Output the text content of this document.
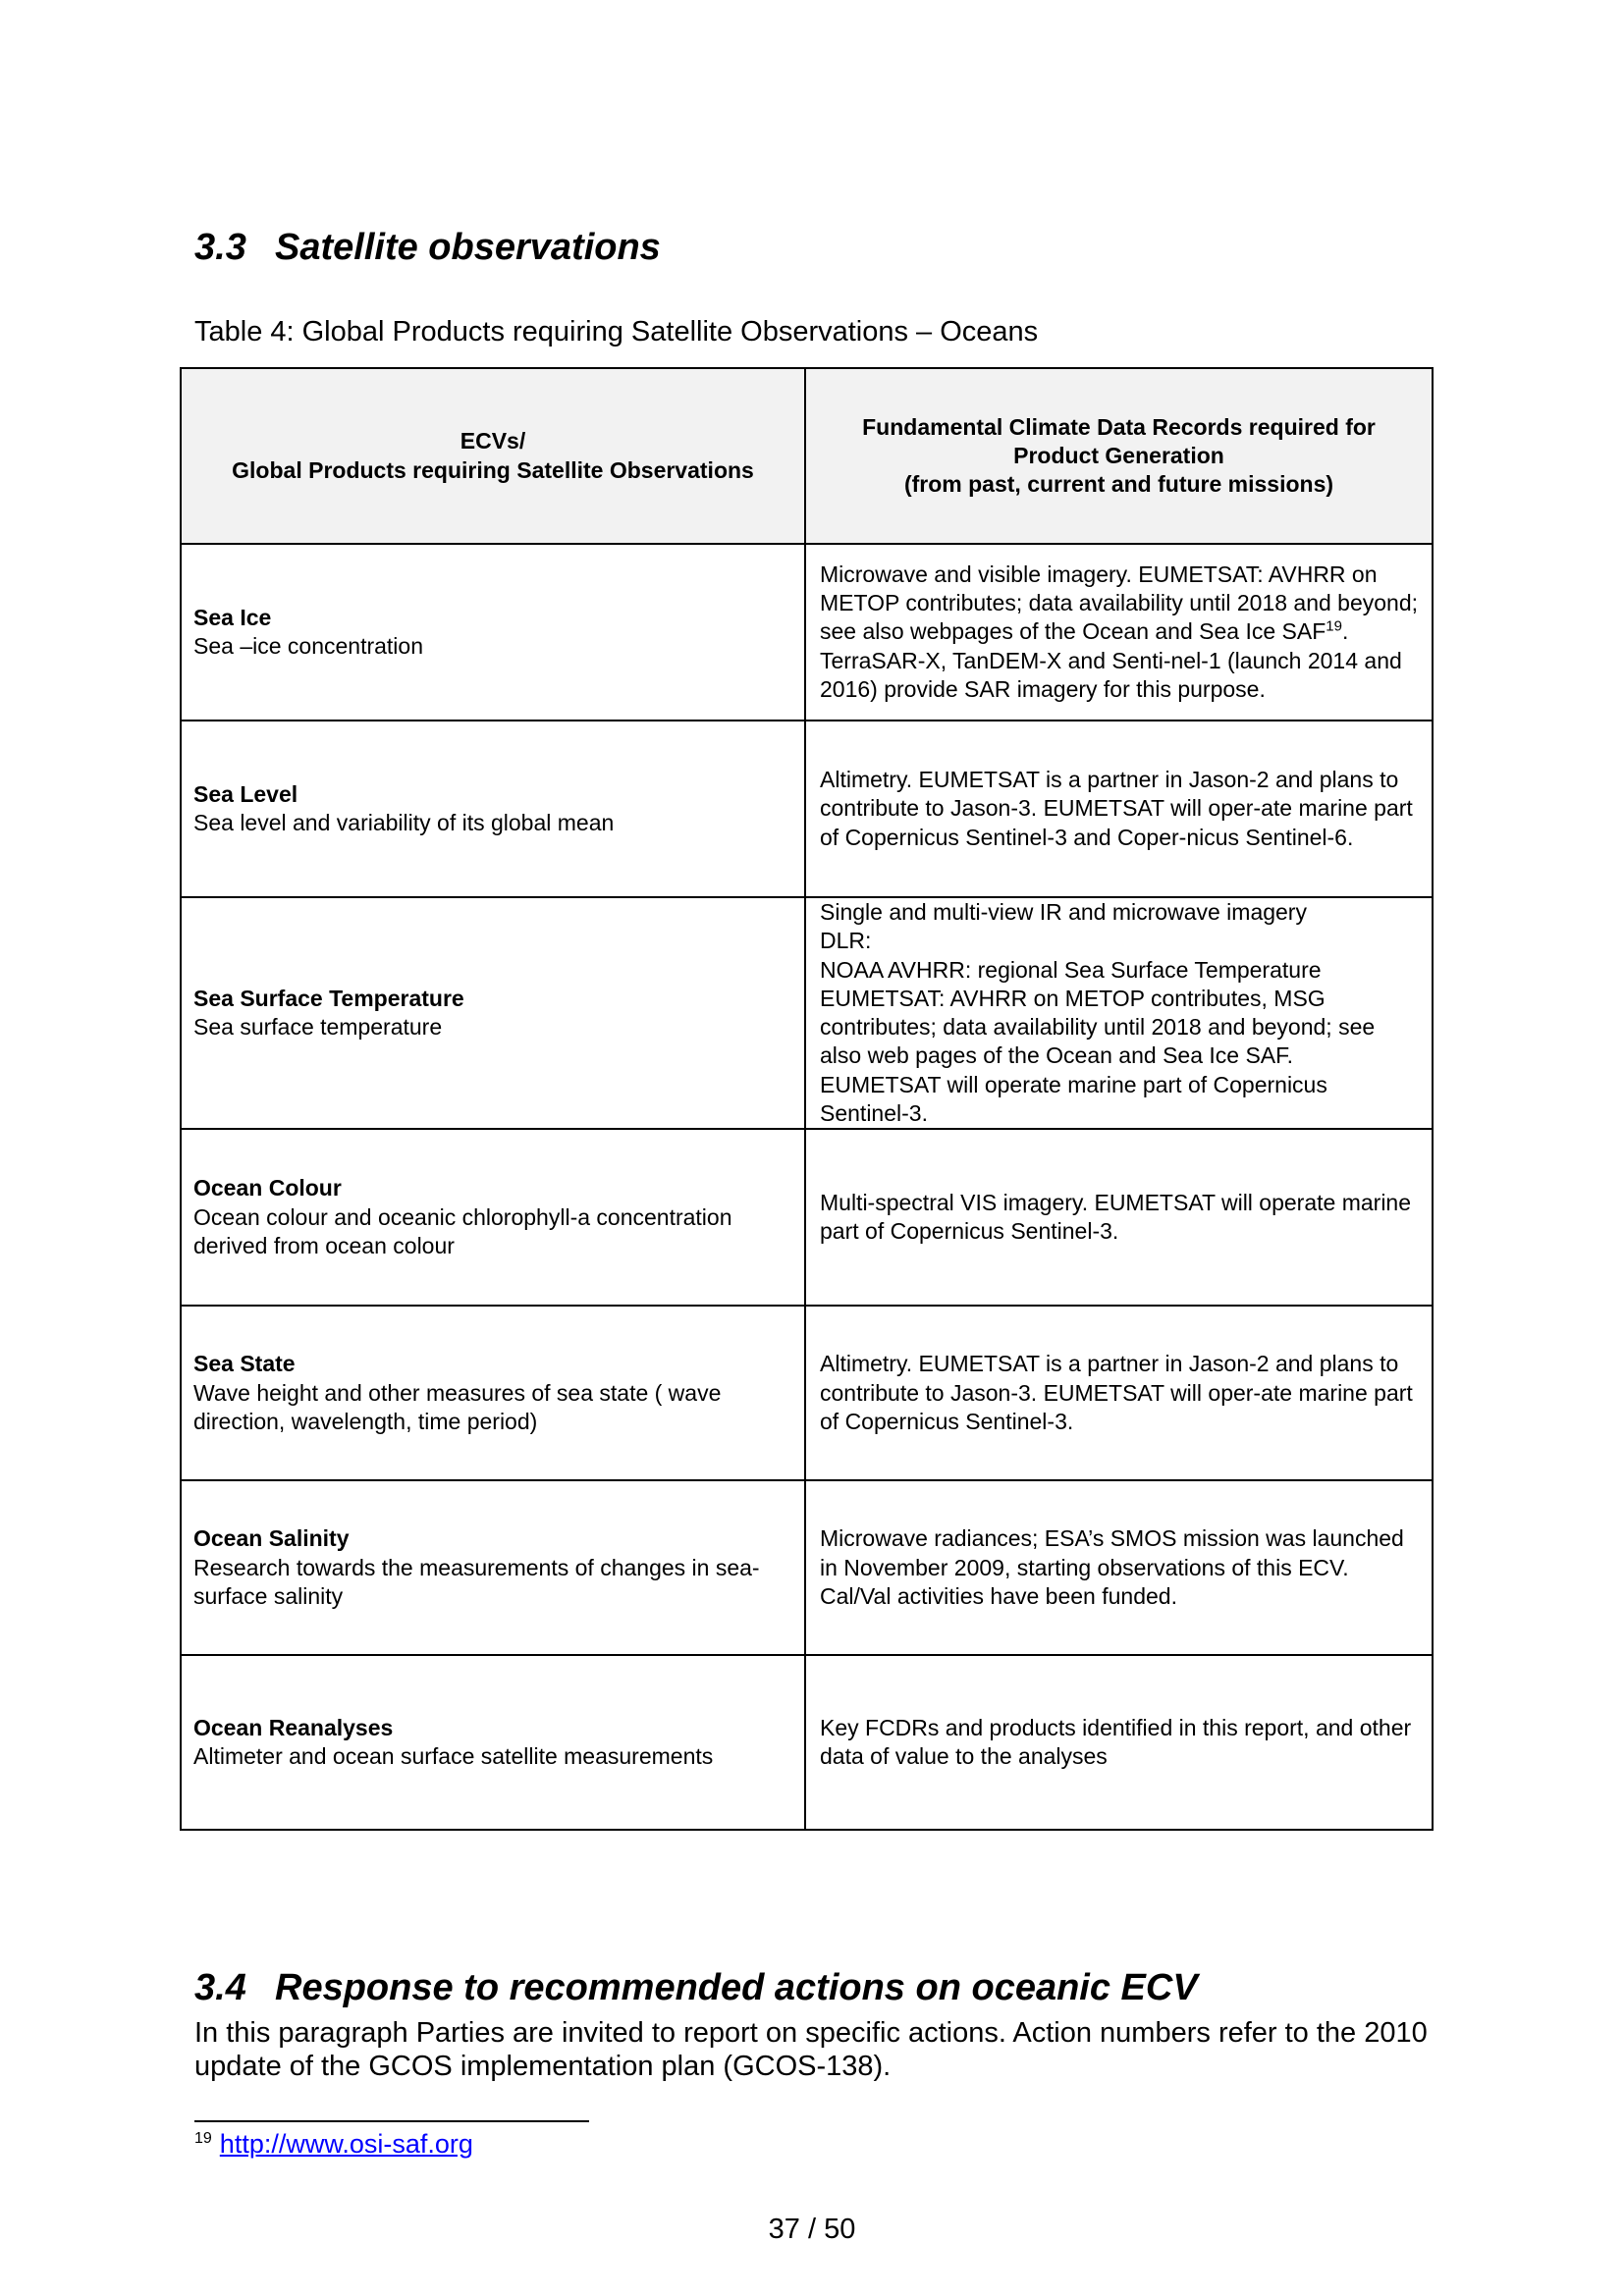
3.3 Satellite observations
Table 4: Global Products requiring Satellite Observations – Oceans
ECVs/
Global Products requiring Satellite Observations	Fundamental Climate Data Records required for
Product Generation
(from past, current and future missions)

Sea Ice
Sea –ice concentration	Microwave and visible imagery. EUMETSAT: AVHRR on METOP contributes; data availability until 2018 and beyond; see also webpages of the Ocean and Sea Ice SAF$^{19}$. TerraSAR-X, TanDEM-X and Senti-nel-1 (launch 2014 and 2016) provide SAR imagery for this purpose.

Sea Level
Sea level and variability of its global mean	Altimetry. EUMETSAT is a partner in Jason-2 and plans to contribute to Jason-3. EUMETSAT will oper-ate marine part of Copernicus Sentinel-3 and Coper-nicus Sentinel-6.

Sea Surface Temperature
Sea surface temperature	Single and multi-view IR and microwave imagery
DLR:
NOAA AVHRR: regional Sea Surface Temperature
EUMETSAT: AVHRR on METOP contributes, MSG contributes; data availability until 2018 and beyond; see also web pages of the Ocean and Sea Ice SAF. EUMETSAT will operate marine part of Copernicus Sentinel-3.

Ocean Colour
Ocean colour and oceanic chlorophyll-a concentration derived from ocean colour	Multi-spectral VIS imagery. EUMETSAT will operate marine part of Copernicus Sentinel-3.

Sea State
Wave height and other measures of sea state ( wave direction, wavelength, time period)	Altimetry. EUMETSAT is a partner in Jason-2 and plans to contribute to Jason-3. EUMETSAT will oper-ate marine part of Copernicus Sentinel-3.

Ocean Salinity
Research towards the measurements of changes in sea-surface salinity	Microwave radiances; ESA’s SMOS mission was launched in November 2009, starting observations of this ECV. Cal/Val activities have been funded.

Ocean Reanalyses
Altimeter and ocean surface satellite measurements	Key FCDRs and products identified in this report, and other data of value to the analyses
3.4 Response to recommended actions on oceanic ECV

In this paragraph Parties are invited to report on specific actions. Action numbers refer to the 2010 update of the GCOS implementation plan (GCOS-138).

$^{19}$ http://www.osi-saf.org
37 / 50
